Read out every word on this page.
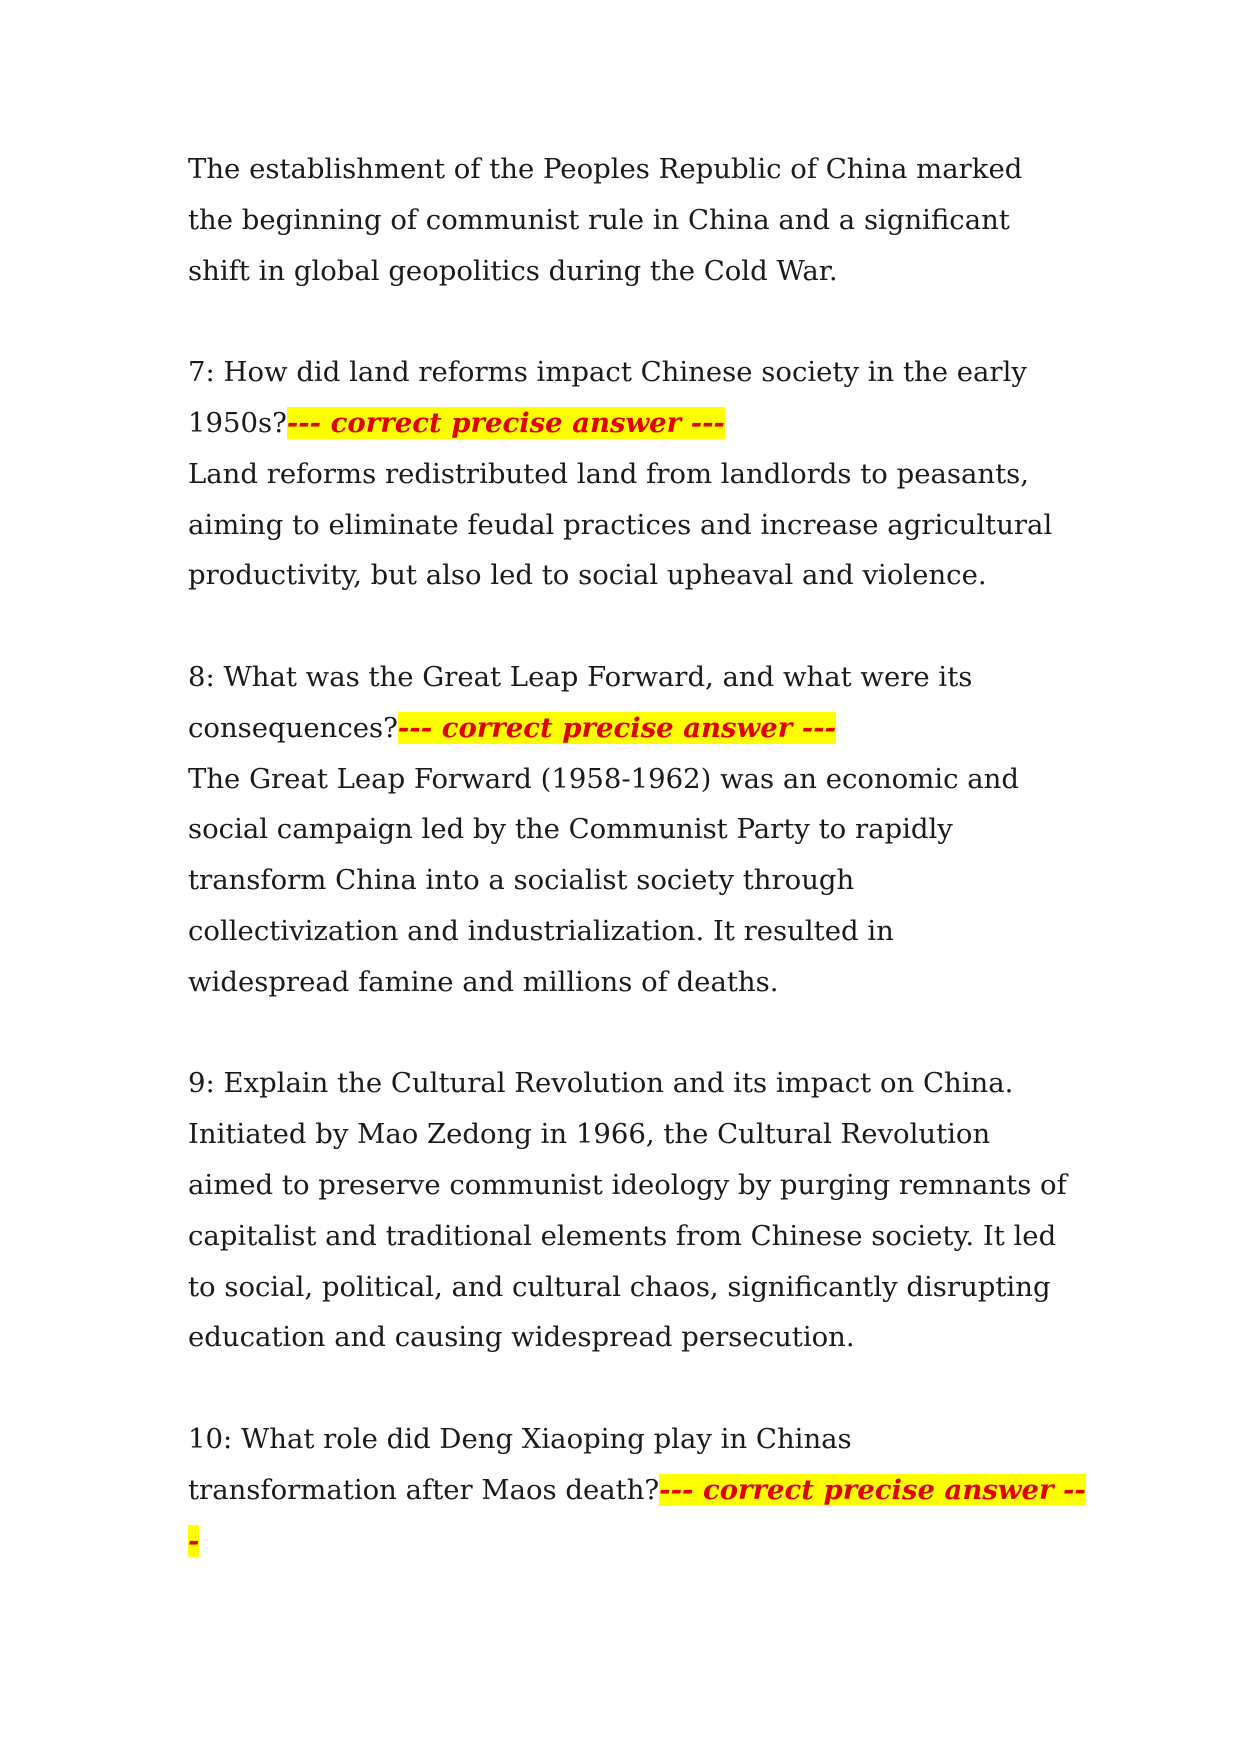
The establishment of the Peoples Republic of China marked
the beginning of communist rule in China and a significant
shift in global geopolitics during the Cold War.
7: How did land reforms impact Chinese society in the early
1950s?--- correct precise answer ---
Land reforms redistributed land from landlords to peasants,
aiming to eliminate feudal practices and increase agricultural
productivity, but also led to social upheaval and violence.
8: What was the Great Leap Forward, and what were its
consequences?--- correct precise answer ---
The Great Leap Forward (1958-1962) was an economic and
social campaign led by the Communist Party to rapidly
transform China into a socialist society through
collectivization and industrialization. It resulted in
widespread famine and millions of deaths.
9: Explain the Cultural Revolution and its impact on China.
Initiated by Mao Zedong in 1966, the Cultural Revolution
aimed to preserve communist ideology by purging remnants of
capitalist and traditional elements from Chinese society. It led
to social, political, and cultural chaos, significantly disrupting
education and causing widespread persecution.
10: What role did Deng Xiaoping play in Chinas
transformation after Maos death?--- correct precise answer --
-
